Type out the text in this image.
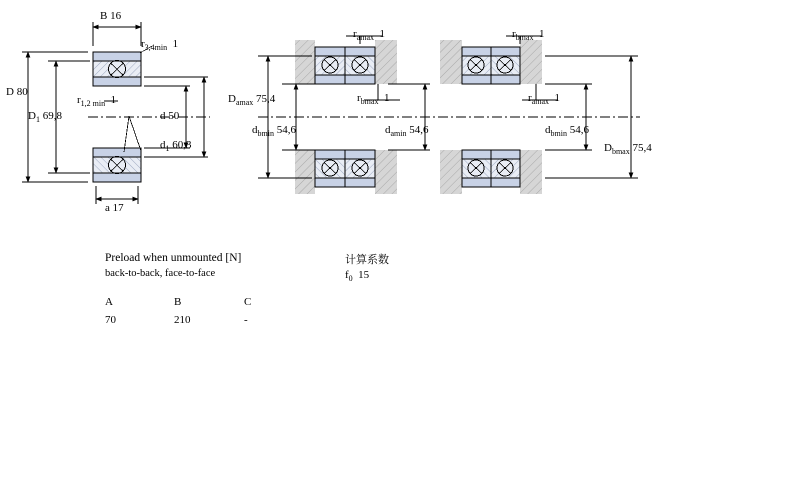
B 16
$r_{3,4min}$ 1
D 80
$D_1$ 69,8
$r_{1,2 min}$ 1
d 50
$d_1$ 60,3
a 17
$r_{amax}$ 1	$r_{bmax}$ 1
$D_{amax}$ 75,4	$r_{bmax}$ 1	$r_{amax}$ 1
$d_{bmin}$ 54,6	$d_{amin}$ 54,6	$d_{bmin}$ 54,6
$D_{bmax}$ 75,4
Preload when unmounted [N]
back-to-back, face-to-face
A	B	C
70	210	-
计算系数
$f_0$ 15
